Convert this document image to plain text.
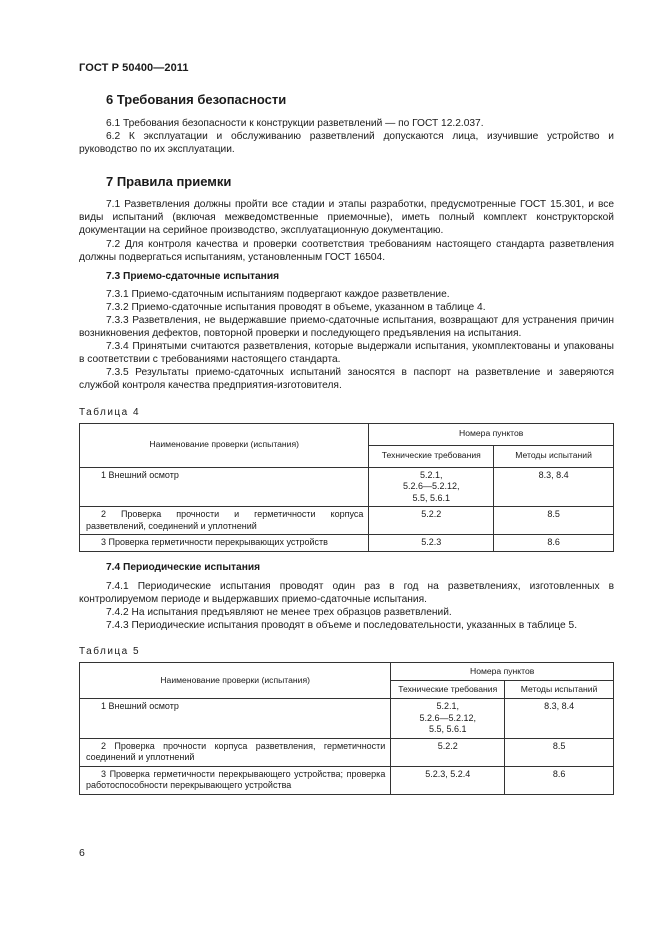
ГОСТ Р 50400—2011
6 Требования безопасности

6.1 Требования безопасности к конструкции разветвлений — по ГОСТ 12.2.037.

6.2 К эксплуатации и обслуживанию разветвлений допускаются лица, изучившие устройство и руководство по их эксплуатации.

7 Правила приемки

7.1 Разветвления должны пройти все стадии и этапы разработки, предусмотренные ГОСТ 15.301, и все виды испытаний (включая межведомственные приемочные), иметь полный комплект конструкторской документации на серийное производство, эксплуатационную документацию.

7.2 Для контроля качества и проверки соответствия требованиям настоящего стандарта разветвления должны подвергаться испытаниям, установленным ГОСТ 16504.

7.3 Приемо-сдаточные испытания

7.3.1 Приемо-сдаточным испытаниям подвергают каждое разветвление.

7.3.2 Приемо-сдаточные испытания проводят в объеме, указанном в таблице 4.

7.3.3 Разветвления, не выдержавшие приемо-сдаточные испытания, возвращают для устранения причин возникновения дефектов, повторной проверки и последующего предъявления на испытания.

7.3.4 Принятыми считаются разветвления, которые выдержали испытания, укомплектованы и упакованы в соответствии с требованиями настоящего стандарта.

7.3.5 Результаты приемо-сдаточных испытаний заносятся в паспорт на разветвление и заверяются службой контроля качества предприятия-изготовителя.

Таблица 4

Наименование проверки (испытания)	Номера пунктов	
	Технические требования	Методы испытаний
1 Внешний осмотр	5.2.1,
5.2.6—5.2.12,
5.5, 5.6.1	8.3, 8.4
2 Проверка прочности и герметичности корпуса разветвлений, соединений и уплотнений	5.2.2	8.5
3 Проверка герметичности перекрывающих устройств	5.2.3	8.6
7.4 Периодические испытания

7.4.1 Периодические испытания проводят один раз в год на разветвлениях, изготовленных в контролируемом периоде и выдержавших приемо-сдаточные испытания.

7.4.2 На испытания предъявляют не менее трех образцов разветвлений.

7.4.3 Периодические испытания проводят в объеме и последовательности, указанных в таблице 5.

Таблица 5

Наименование проверки (испытания)	Номера пунктов	
	Технические требования	Методы испытаний
1 Внешний осмотр	5.2.1,
5.2.6—5.2.12,
5.5, 5.6.1	8.3, 8.4
2 Проверка прочности корпуса разветвления, герметичности соединений и уплотнений	5.2.2	8.5
3 Проверка герметичности перекрывающего устройства; проверка работоспособности перекрывающего устройства	5.2.3, 5.2.4	8.6
6
